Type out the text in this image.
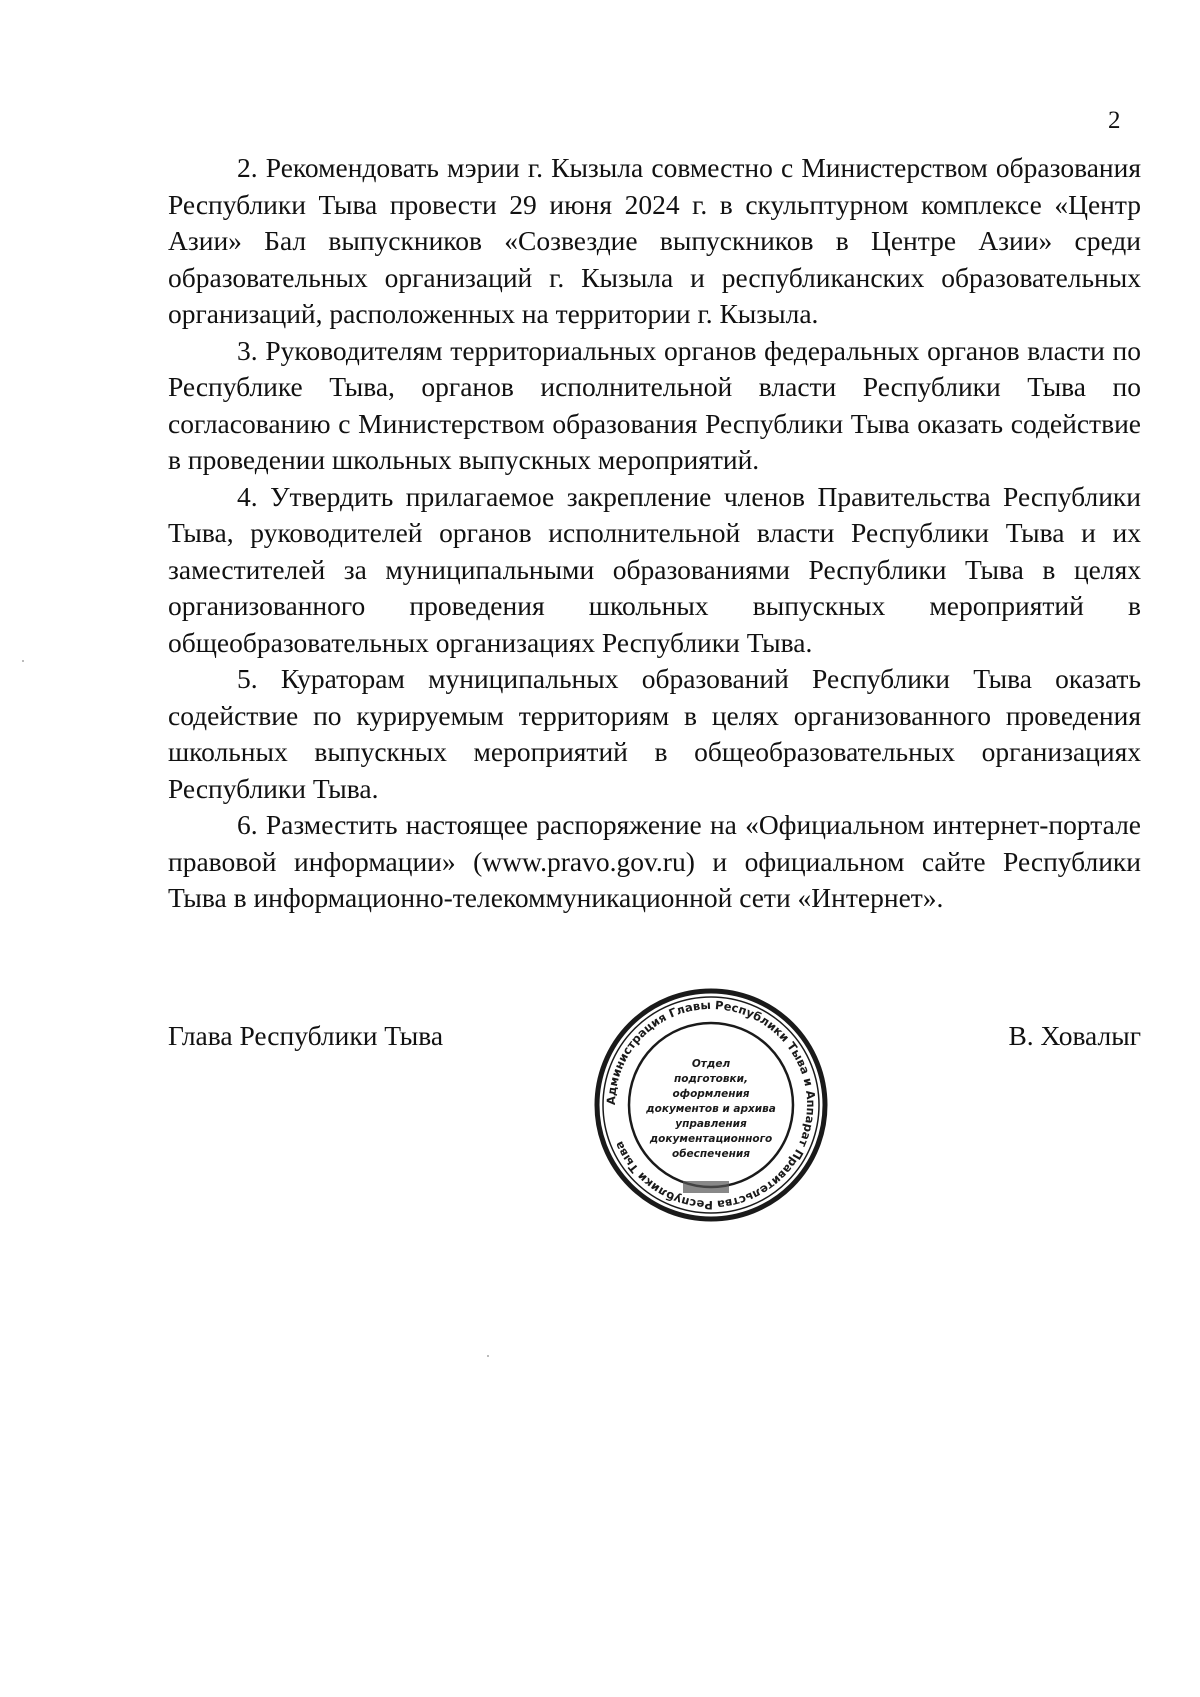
2

2. Рекомендовать мэрии г. Кызыла совместно с Министерством образования Республики Тыва провести 29 июня 2024 г. в скульптурном комплексе «Центр Азии» Бал выпускников «Созвездие выпускников в Центре Азии» среди образовательных организаций г. Кызыла и республиканских образовательных организаций, расположенных на территории г. Кызыла.

3. Руководителям территориальных органов федеральных органов власти по Республике Тыва, органов исполнительной власти Республики Тыва по согласованию с Министерством образования Республики Тыва оказать содействие в проведении школьных выпускных мероприятий.

4. Утвердить прилагаемое закрепление членов Правительства Республики Тыва, руководителей органов исполнительной власти Республики Тыва и их заместителей за муниципальными образованиями Республики Тыва в целях организованного проведения школьных выпускных мероприятий в общеобразовательных организациях Республики Тыва.

5. Кураторам муниципальных образований Республики Тыва оказать содействие по курируемым территориям в целях организованного проведения школьных выпускных мероприятий в общеобразовательных организациях Республики Тыва.

6. Разместить настоящее распоряжение на «Официальном интернет-портале правовой информации» (www.pravo.gov.ru) и официальном сайте Республики Тыва в информационно-телекоммуникационной сети «Интернет».

Глава Республики Тыва	В. Ховалыг
Администрация Главы Республики Тыва и Аппарат Правительства Республики Тыва
Отдел
подготовки,
оформления
документов и архива
управления
документационного
обеспечения
